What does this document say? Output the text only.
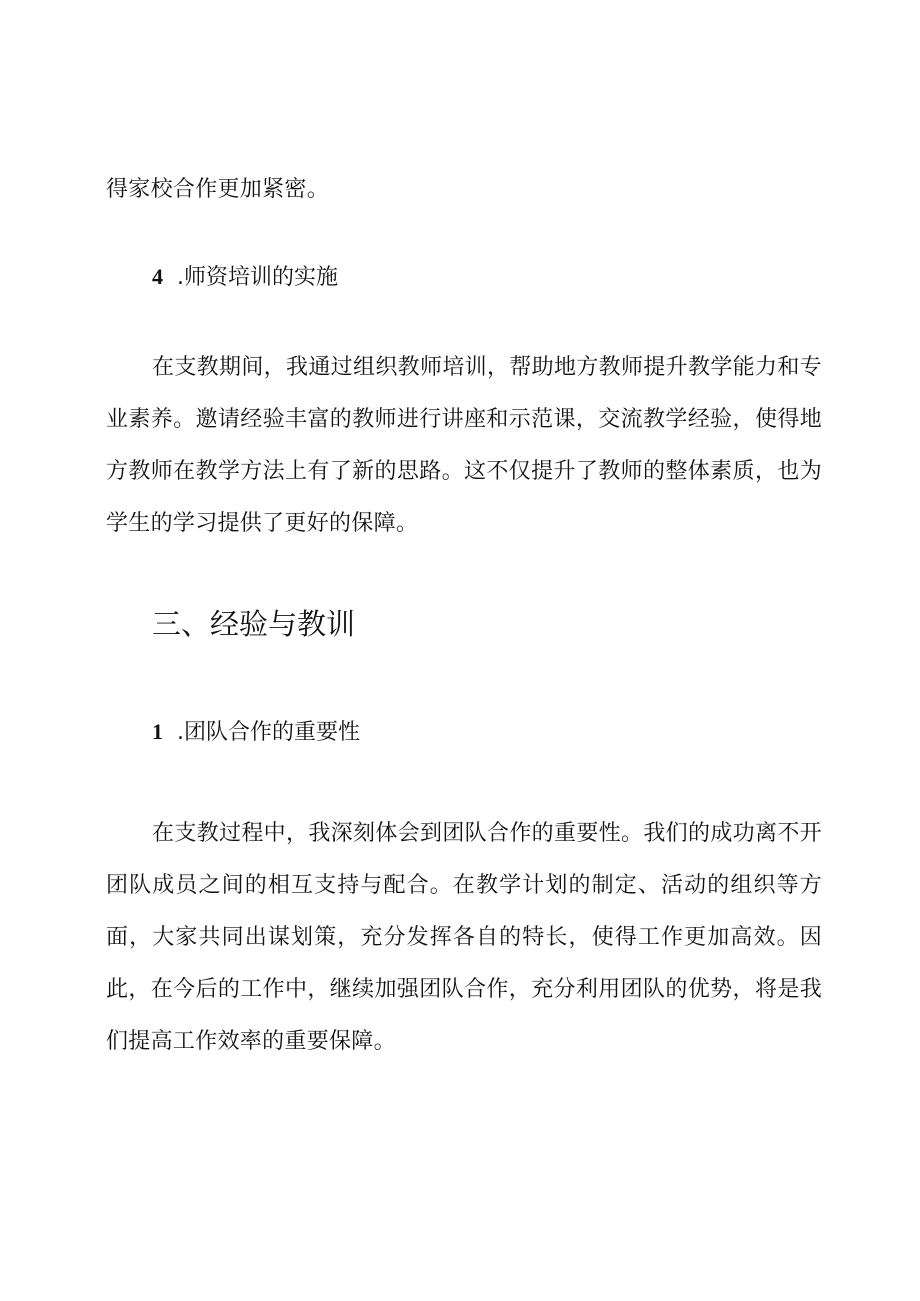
得家校合作更加紧密。

4 .师资培训的实施

在支教期间，我通过组织教师培训，帮助地方教师提升教学能力和专业素养。邀请经验丰富的教师进行讲座和示范课，交流教学经验，使得地方教师在教学方法上有了新的思路。这不仅提升了教师的整体素质，也为学生的学习提供了更好的保障。

三、经验与教训
1 .团队合作的重要性

在支教过程中，我深刻体会到团队合作的重要性。我们的成功离不开团队成员之间的相互支持与配合。在教学计划的制定、活动的组织等方面，大家共同出谋划策，充分发挥各自的特长，使得工作更加高效。因此，在今后的工作中，继续加强团队合作，充分利用团队的优势，将是我们提高工作效率的重要保障。
